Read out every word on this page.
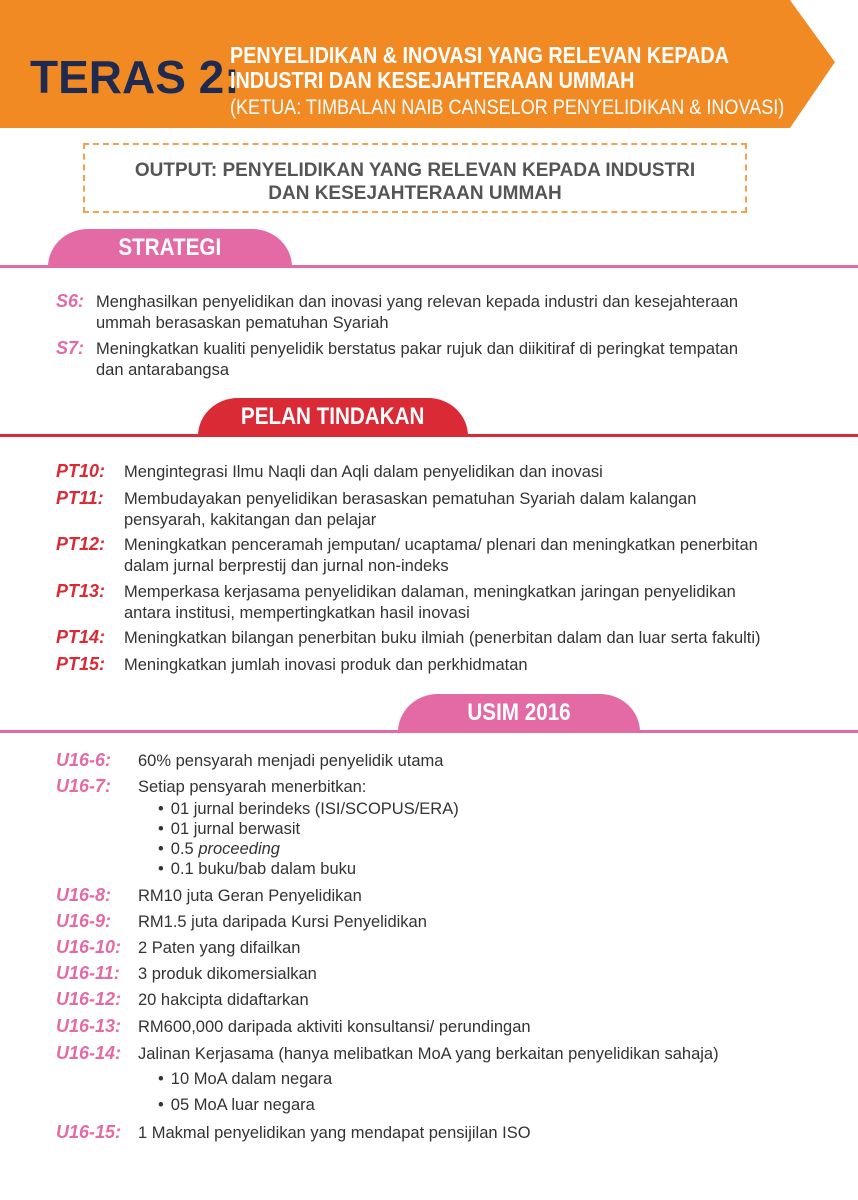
TERAS 2:
PENYELIDIKAN & INOVASI YANG RELEVAN KEPADA
INDUSTRI DAN KESEJAHTERAAN UMMAH
(KETUA: TIMBALAN NAIB CANSELOR PENYELIDIKAN & INOVASI)
OUTPUT: PENYELIDIKAN YANG RELEVAN KEPADA INDUSTRI
DAN KESEJAHTERAAN UMMAH
STRATEGI
S6: Menghasilkan penyelidikan dan inovasi yang relevan kepada industri dan kesejahteraan
ummah berasaskan pematuhan Syariah
S7: Meningkatkan kualiti penyelidik berstatus pakar rujuk dan diikitiraf di peringkat tempatan
dan antarabangsa
PELAN TINDAKAN
PT10: Mengintegrasi Ilmu Naqli dan Aqli dalam penyelidikan dan inovasi
PT11: Membudayakan penyelidikan berasaskan pematuhan Syariah dalam kalangan
pensyarah, kakitangan dan pelajar
PT12: Meningkatkan penceramah jemputan/ ucaptama/ plenari dan meningkatkan penerbitan
dalam jurnal berprestij dan jurnal non-indeks
PT13: Memperkasa kerjasama penyelidikan dalaman, meningkatkan jaringan penyelidikan
antara institusi, mempertingkatkan hasil inovasi
PT14: Meningkatkan bilangan penerbitan buku ilmiah (penerbitan dalam dan luar serta fakulti)
PT15: Meningkatkan jumlah inovasi produk dan perkhidmatan
USIM 2016
U16-6: 60% pensyarah menjadi penyelidik utama
U16-7: Setiap pensyarah menerbitkan:
• 01 jurnal berindeks (ISI/SCOPUS/ERA)
• 01 jurnal berwasit
• 0.5 proceeding
• 0.1 buku/bab dalam buku
U16-8: RM10 juta Geran Penyelidikan
U16-9: RM1.5 juta daripada Kursi Penyelidikan
U16-10: 2 Paten yang difailkan
U16-11: 3 produk dikomersialkan
U16-12: 20 hakcipta didaftarkan
U16-13: RM600,000 daripada aktiviti konsultansi/ perundingan
U16-14: Jalinan Kerjasama (hanya melibatkan MoA yang berkaitan penyelidikan sahaja)
• 10 MoA dalam negara
• 05 MoA luar negara
U16-15: 1 Makmal penyelidikan yang mendapat pensijilan ISO
